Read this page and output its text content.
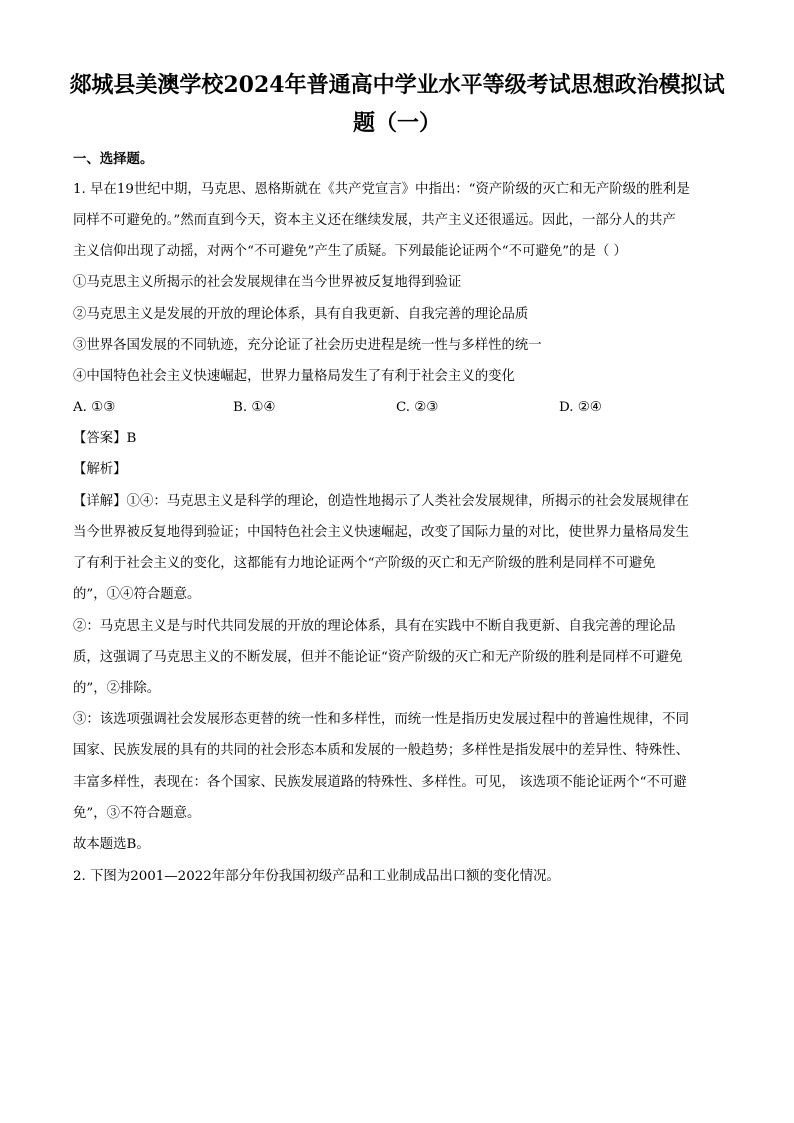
郯城县美澳学校2024年普通高中学业水平等级考试思想政治模拟试
题（一）
一、选择题。
1. 早在19世纪中期，马克思、恩格斯就在《共产党宣言》中指出：“资产阶级的灭亡和无产阶级的胜利是
同样不可避免的。”然而直到今天，资本主义还在继续发展，共产主义还很遥远。因此，一部分人的共产
主义信仰出现了动摇，对两个“不可避免”产生了质疑。下列最能论证两个“不可避免”的是（ ）
①马克思主义所揭示的社会发展规律在当今世界被反复地得到验证
②马克思主义是发展的开放的理论体系，具有自我更新、自我完善的理论品质
③世界各国发展的不同轨迹，充分论证了社会历史进程是统一性与多样性的统一
④中国特色社会主义快速崛起，世界力量格局发生了有利于社会主义的变化
A. ①③	B. ①④	C. ②③	D. ②④
【答案】B
【解析】
【详解】①④：马克思主义是科学的理论，创造性地揭示了人类社会发展规律，所揭示的社会发展规律在
当今世界被反复地得到验证；中国特色社会主义快速崛起，改变了国际力量的对比，使世界力量格局发生
了有利于社会主义的变化，这都能有力地论证两个“产阶级的灭亡和无产阶级的胜利是同样不可避免
的”，①④符合题意。
②：马克思主义是与时代共同发展的开放的理论体系，具有在实践中不断自我更新、自我完善的理论品
质，这强调了马克思主义的不断发展，但并不能论证“资产阶级的灭亡和无产阶级的胜利是同样不可避免
的”，②排除。
③：该选项强调社会发展形态更替的统一性和多样性，而统一性是指历史发展过程中的普遍性规律，不同
国家、民族发展的具有的共同的社会形态本质和发展的一般趋势；多样性是指发展中的差异性、特殊性、
丰富多样性，表现在：各个国家、民族发展道路的特殊性、多样性。可见， 该选项不能论证两个“不可避
免”，③不符合题意。
故本题选B。
2. 下图为2001—2022年部分年份我国初级产品和工业制成品出口额的变化情况。
